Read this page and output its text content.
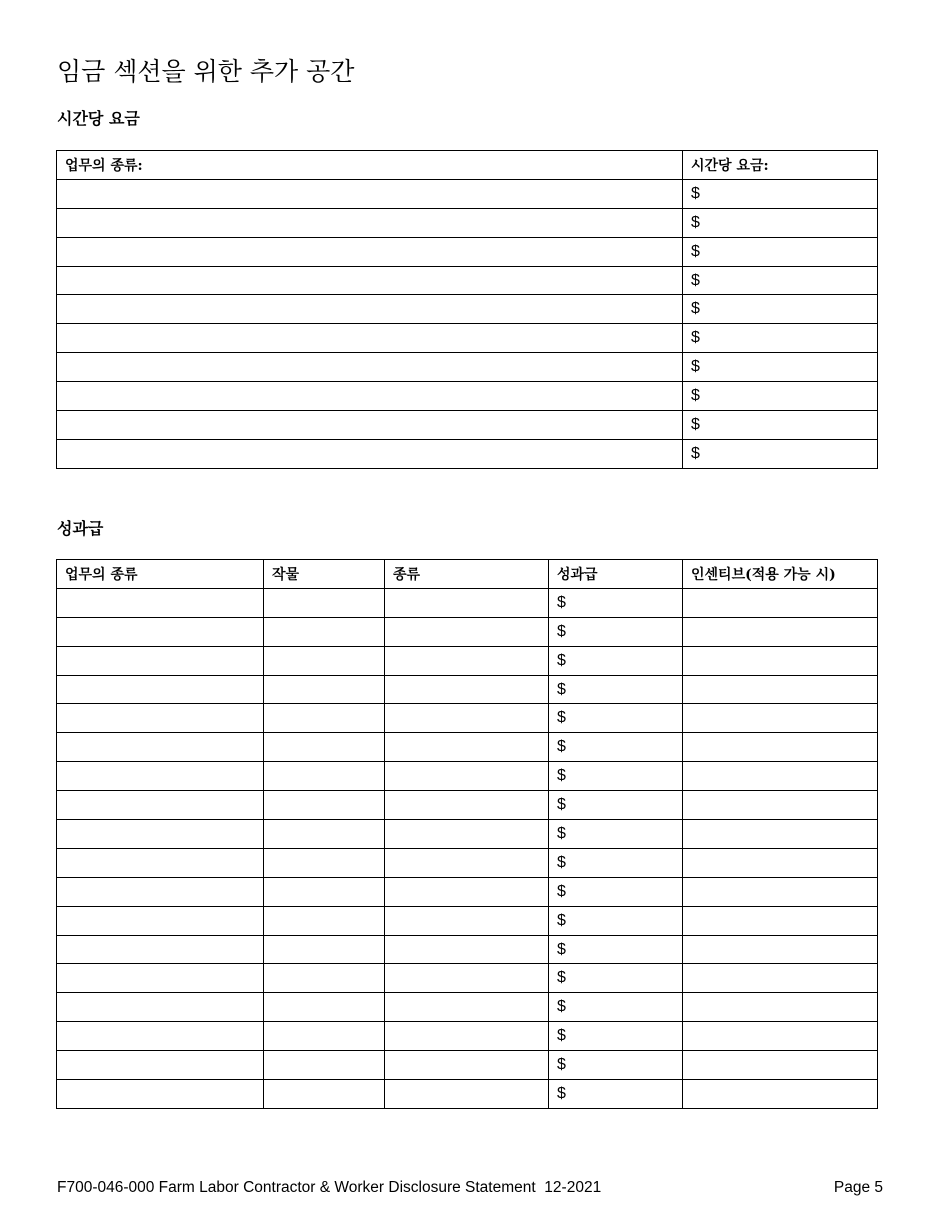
임금 섹션을 위한 추가 공간
시간당 요금
업무의 종류:	시간당 요금:
	$
	$
	$
	$
	$
	$
	$
	$
	$
	$
성과급
업무의 종류	작물	종류	성과급	인센티브(적용 가능 시)
			$	
			$	
			$	
			$	
			$	
			$	
			$	
			$	
			$	
			$	
			$	
			$	
			$	
			$	
			$	
			$	
			$	
			$	
F700-046-000 Farm Labor Contractor & Worker Disclosure Statement  12-2021	Page 5
